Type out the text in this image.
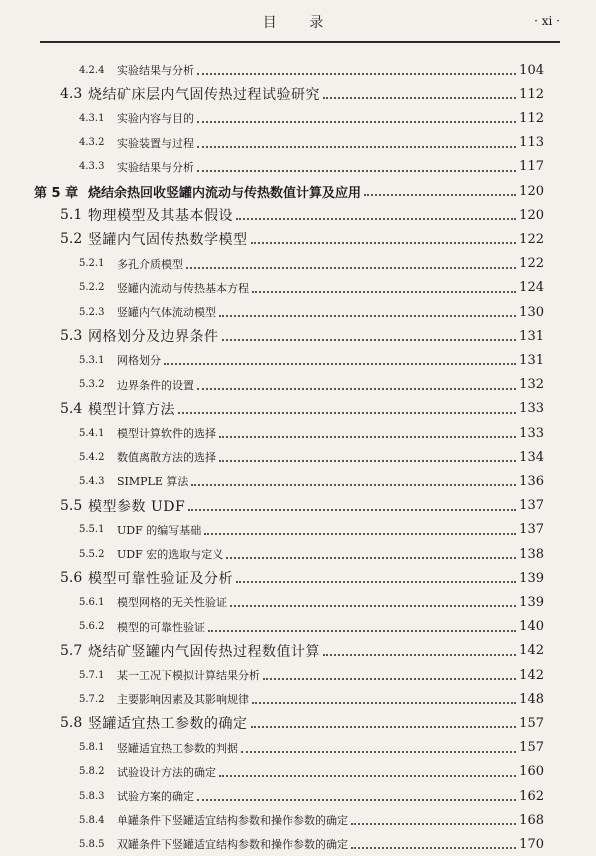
目 录	· xi ·
4.2.4	实验结果与分析	104
4.3 烧结矿床层内气固传热过程试验研究	112
4.3.1	实验内容与目的	112
4.3.2	实验装置与过程	113
4.3.3	实验结果与分析	117
第 5 章 烧结余热回收竖罐内流动与传热数值计算及应用	120
5.1 物理模型及其基本假设	120
5.2 竖罐内气固传热数学模型	122
5.2.1	多孔介质模型	122
5.2.2	竖罐内流动与传热基本方程	124
5.2.3	竖罐内气体流动模型	130
5.3 网格划分及边界条件	131
5.3.1	网格划分	131
5.3.2	边界条件的设置	132
5.4 模型计算方法	133
5.4.1	模型计算软件的选择	133
5.4.2	数值离散方法的选择	134
5.4.3	SIMPLE 算法	136
5.5 模型参数 UDF	137
5.5.1	UDF 的编写基础	137
5.5.2	UDF 宏的选取与定义	138
5.6 模型可靠性验证及分析	139
5.6.1	模型网格的无关性验证	139
5.6.2	模型的可靠性验证	140
5.7 烧结矿竖罐内气固传热过程数值计算	142
5.7.1	某一工况下模拟计算结果分析	142
5.7.2	主要影响因素及其影响规律	148
5.8 竖罐适宜热工参数的确定	157
5.8.1	竖罐适宜热工参数的判据	157
5.8.2	试验设计方法的确定	160
5.8.3	试验方案的确定	162
5.8.4	单罐条件下竖罐适宜结构参数和操作参数的确定	168
5.8.5	双罐条件下竖罐适宜结构参数和操作参数的确定	170
